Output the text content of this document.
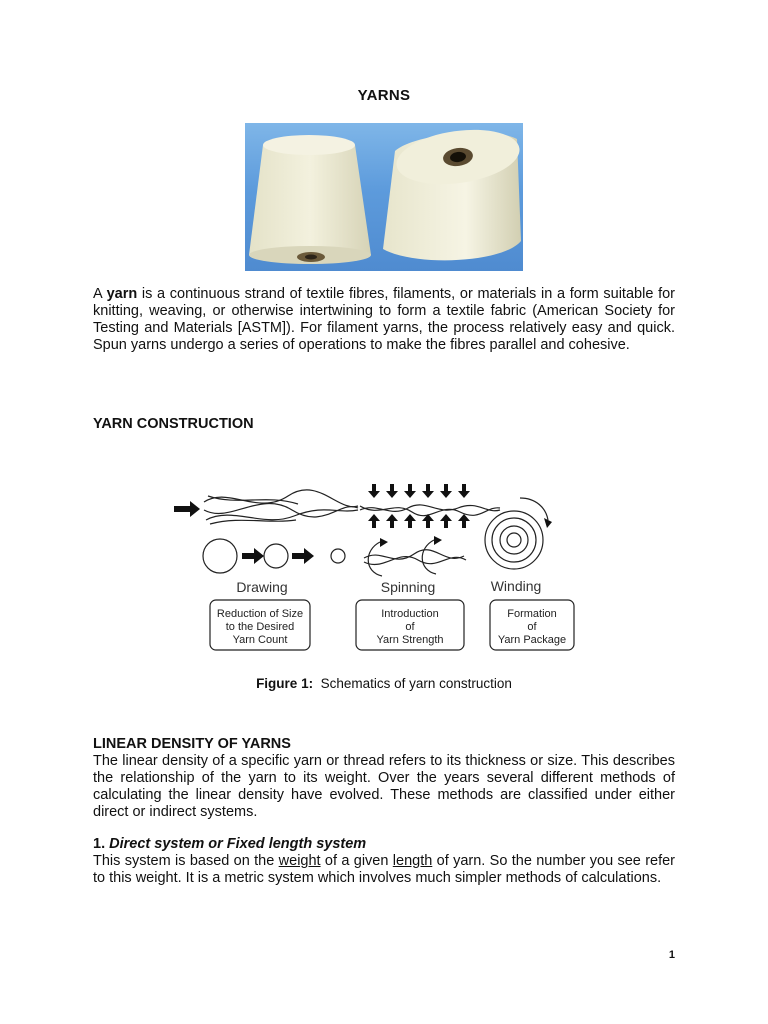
YARNS

A yarn is a continuous strand of textile fibres, filaments, or materials in a form suitable for knitting, weaving, or otherwise intertwining to form a textile fabric (American Society for Testing and Materials [ASTM]). For filament yarns, the process relatively easy and quick. Spun yarns undergo a series of operations to make the fibres parallel and cohesive.

YARN CONSTRUCTION
Drawing	Spinning	Winding
Reduction of Size
to the Desired
Yarn Count
Introduction
of
Yarn Strength
Formation
of
Yarn Package
Figure 1: Schematics of yarn construction
LINEAR DENSITY OF YARNS

The linear density of a specific yarn or thread refers to its thickness or size. This describes the relationship of the yarn to its weight. Over the years several different methods of calculating the linear density have evolved. These methods are classified under either direct or indirect systems.

1. Direct system or Fixed length system

This system is based on the weight of a given length of yarn. So the number you see refer to this weight. It is a metric system which involves much simpler methods of calculations.

1
